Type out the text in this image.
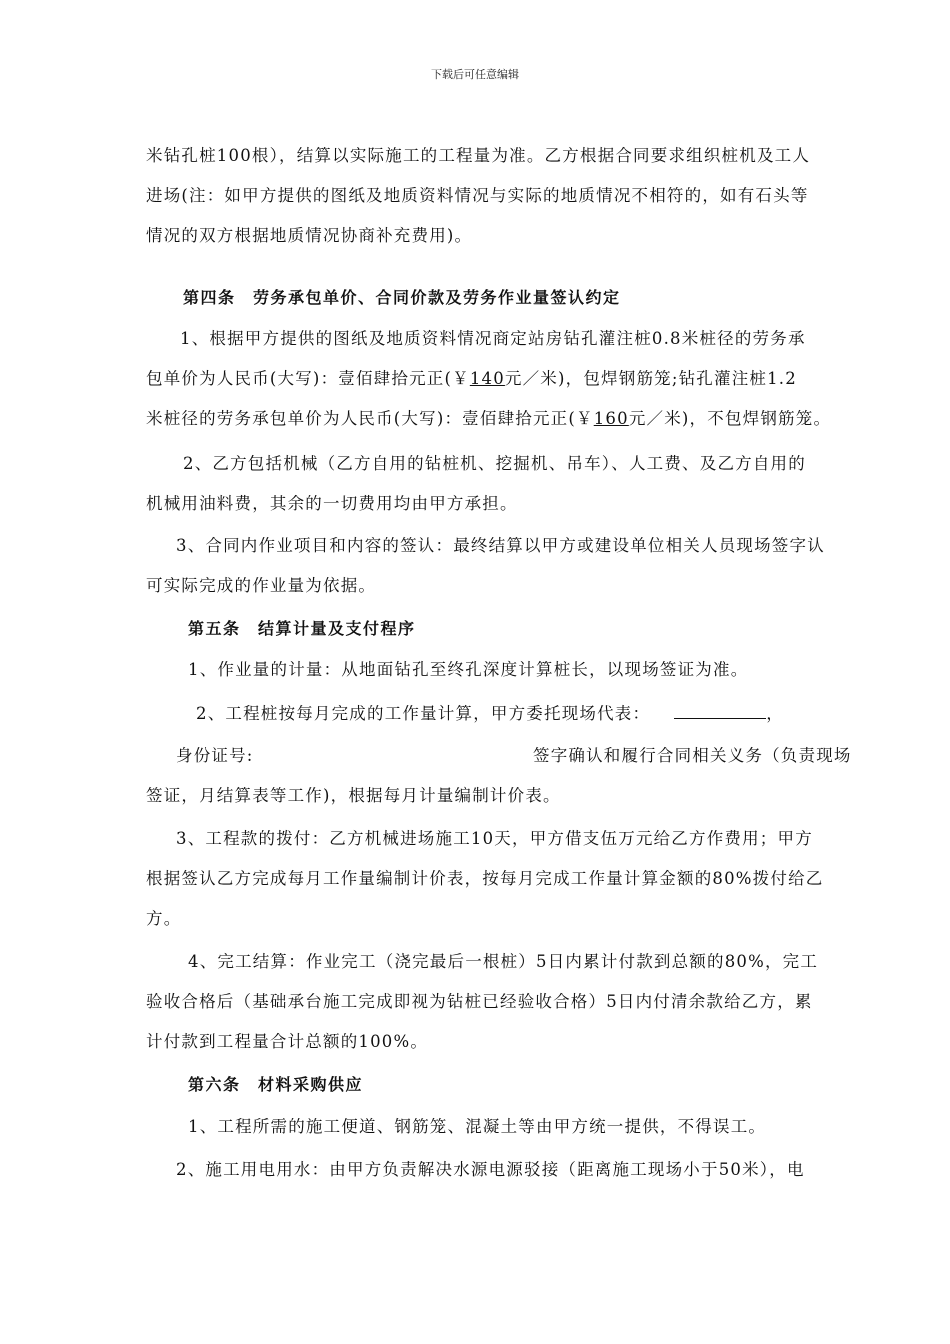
下载后可任意编辑
米钻孔桩100根），结算以实际施工的工程量为准。乙方根据合同要求组织桩机及工人
进场(注：如甲方提供的图纸及地质资料情况与实际的地质情况不相符的，如有石头等
情况的双方根据地质情况协商补充费用)。
第四条　劳务承包单价、合同价款及劳务作业量签认约定
1、根据甲方提供的图纸及地质资料情况商定站房钻孔灌注桩0.8米桩径的劳务承
包单价为人民币(大写)：壹佰肆拾元正(￥140元／米)，包焊钢筋笼;钻孔灌注桩1.2
米桩径的劳务承包单价为人民币(大写)：壹佰肆拾元正(￥160元／米)，不包焊钢筋笼。
2、乙方包括机械（乙方自用的钻桩机、挖掘机、吊车）、人工费、及乙方自用的
机械用油料费，其余的一切费用均由甲方承担。
3、合同内作业项目和内容的签认：最终结算以甲方或建设单位相关人员现场签字认
可实际完成的作业量为依据。
第五条　结算计量及支付程序
1、作业量的计量：从地面钻孔至终孔深度计算桩长，以现场签证为准。
2、工程桩按每月完成的工作量计算，甲方委托现场代表：	，
身份证号:	签字确认和履行合同相关义务（负责现场
签证，月结算表等工作)，根据每月计量编制计价表。
3、工程款的拨付：乙方机械进场施工10天，甲方借支伍万元给乙方作费用；甲方
根据签认乙方完成每月工作量编制计价表，按每月完成工作量计算金额的80%拨付给乙
方。
4、完工结算：作业完工（浇完最后一根桩）5日内累计付款到总额的80%，完工
验收合格后（基础承台施工完成即视为钻桩已经验收合格）5日内付清余款给乙方，累
计付款到工程量合计总额的100%。
第六条　材料采购供应
1、工程所需的施工便道、钢筋笼、混凝土等由甲方统一提供，不得误工。
2、施工用电用水：由甲方负责解决水源电源驳接（距离施工现场小于50米），电
